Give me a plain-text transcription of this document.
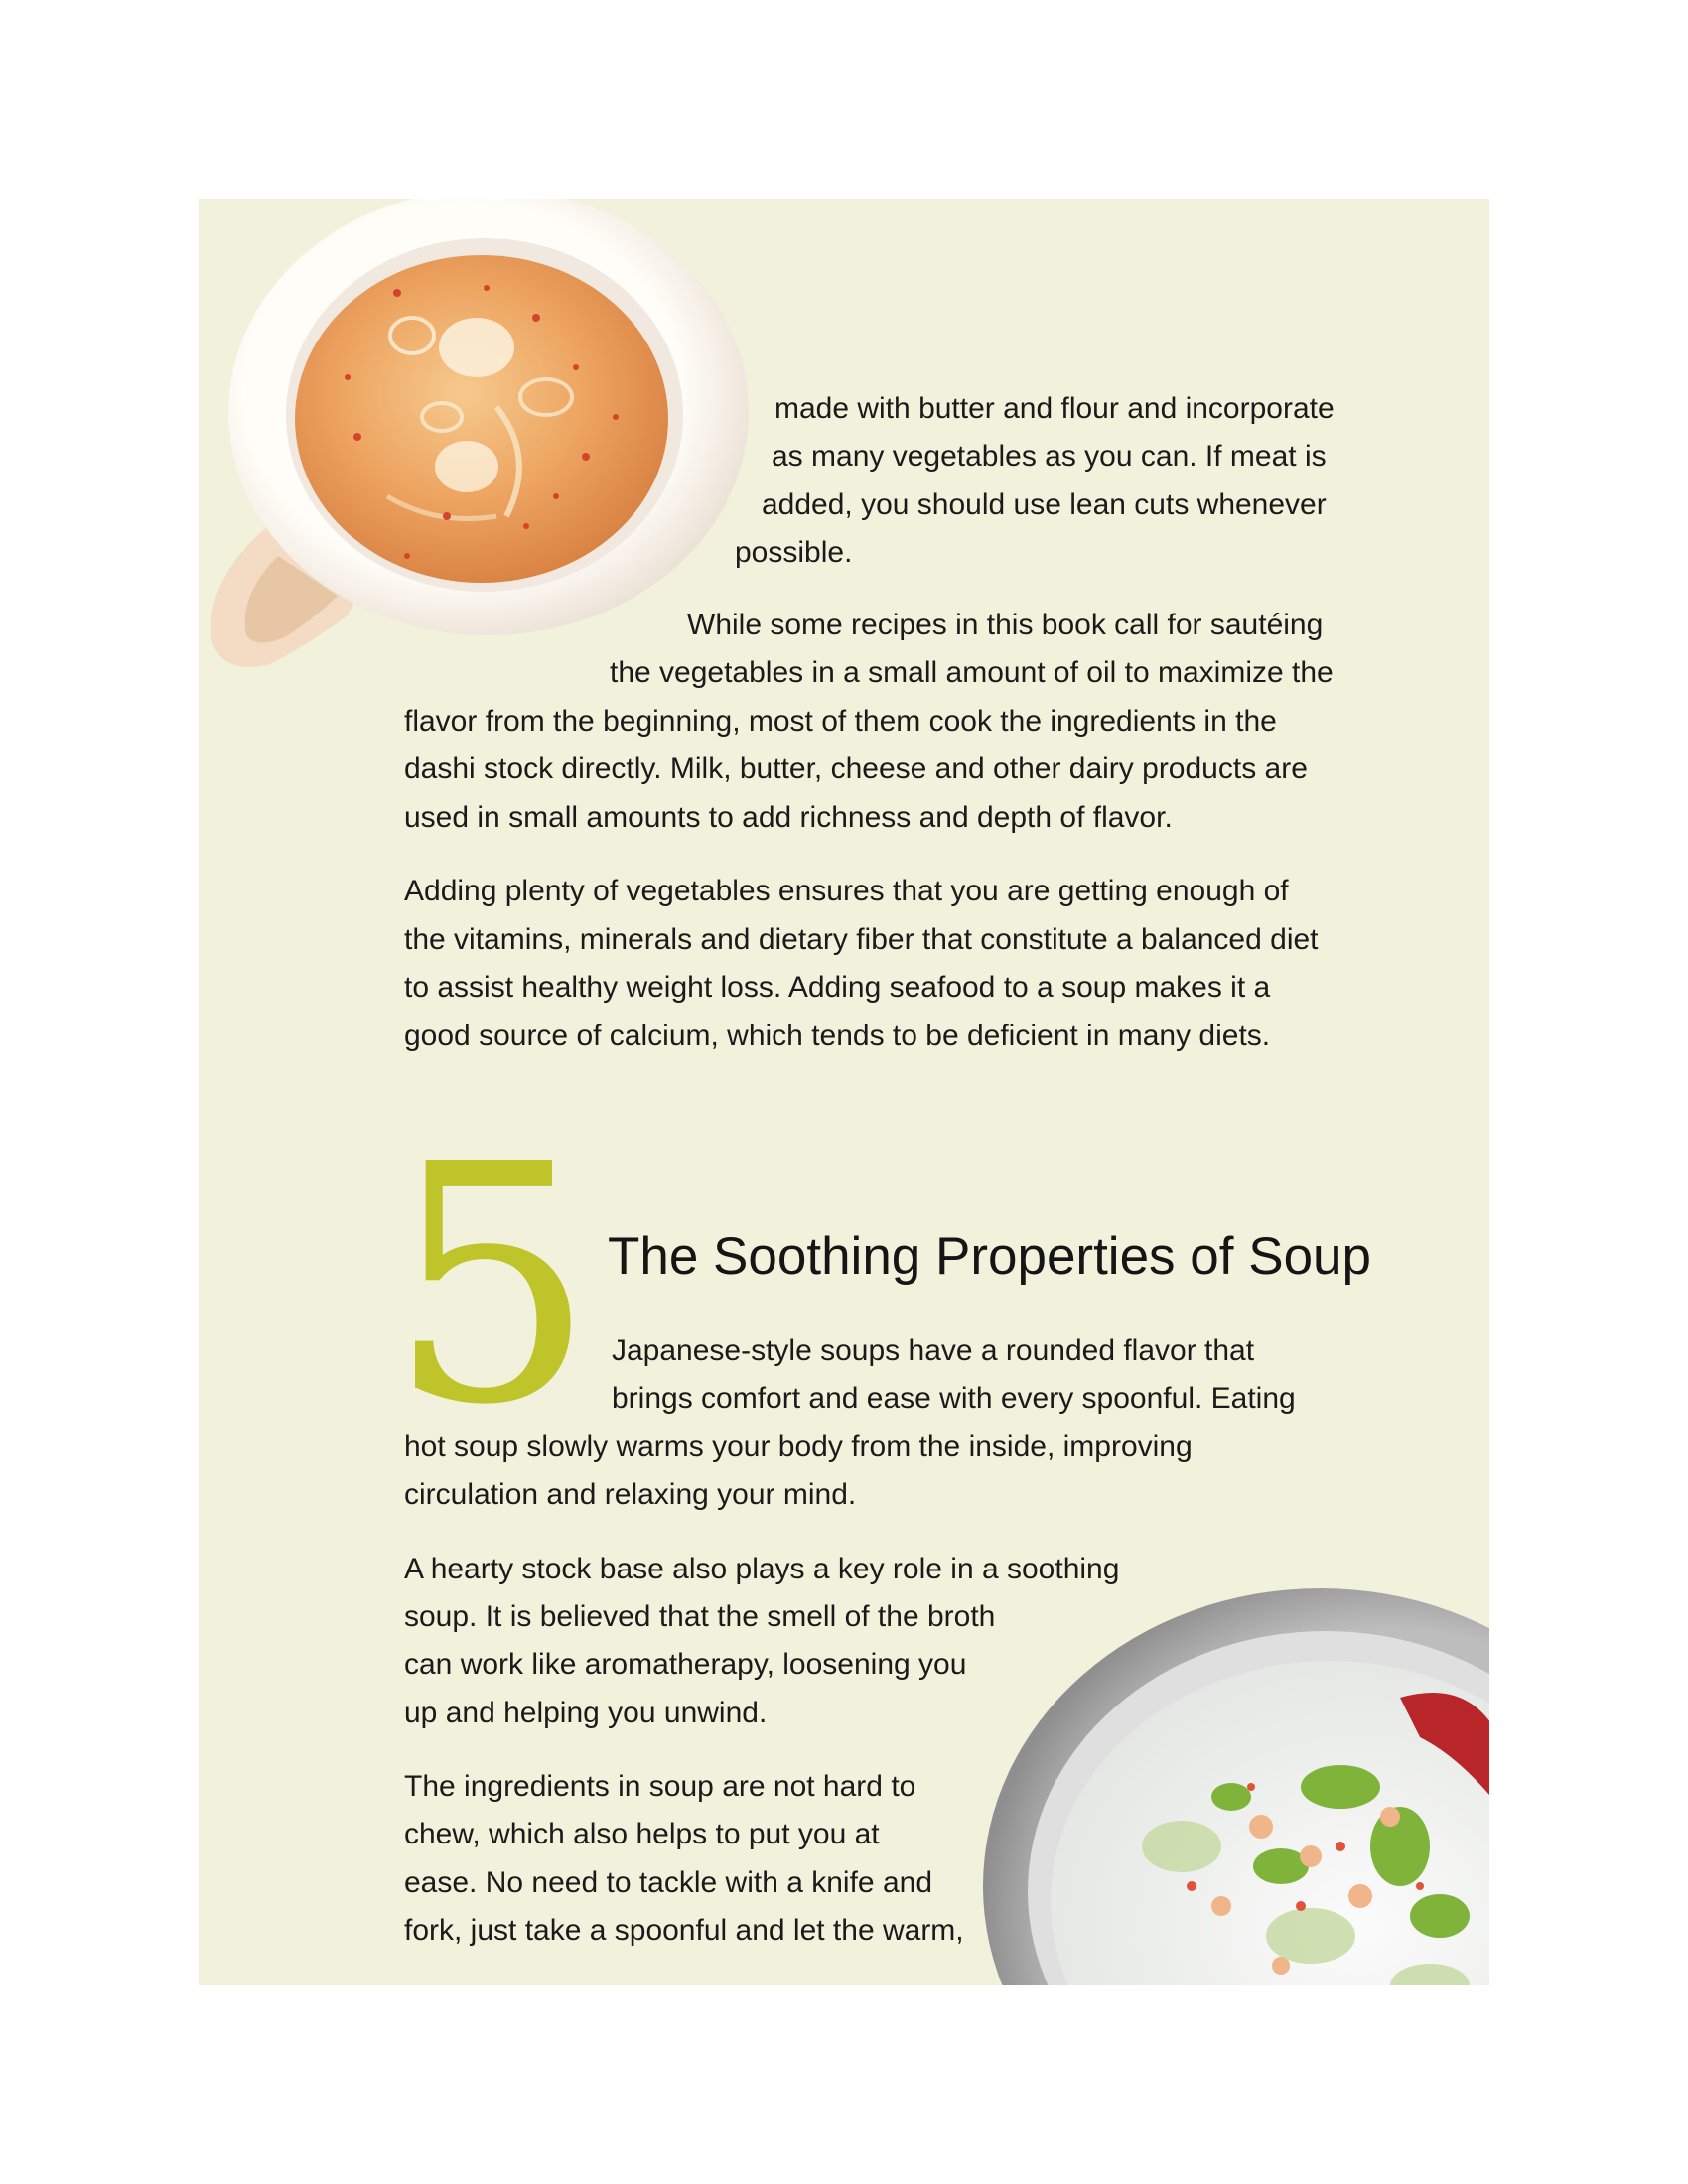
made with butter and flour and incorporate
as many vegetables as you can. If meat is
added, you should use lean cuts whenever
possible.
While some recipes in this book call for sautéing
the vegetables in a small amount of oil to maximize the
flavor from the beginning, most of them cook the ingredients in the
dashi stock directly. Milk, butter, cheese and other dairy products are
used in small amounts to add richness and depth of flavor.
Adding plenty of vegetables ensures that you are getting enough of
the vitamins, minerals and dietary fiber that constitute a balanced diet
to assist healthy weight loss. Adding seafood to a soup makes it a
good source of calcium, which tends to be deficient in many diets.
5 The Soothing Properties of Soup
Japanese-style soups have a rounded flavor that
brings comfort and ease with every spoonful. Eating
hot soup slowly warms your body from the inside, improving
circulation and relaxing your mind.
A hearty stock base also plays a key role in a soothing
soup. It is believed that the smell of the broth
can work like aromatherapy, loosening you
up and helping you unwind.
The ingredients in soup are not hard to
chew, which also helps to put you at
ease. No need to tackle with a knife and
fork, just take a spoonful and let the warm,
